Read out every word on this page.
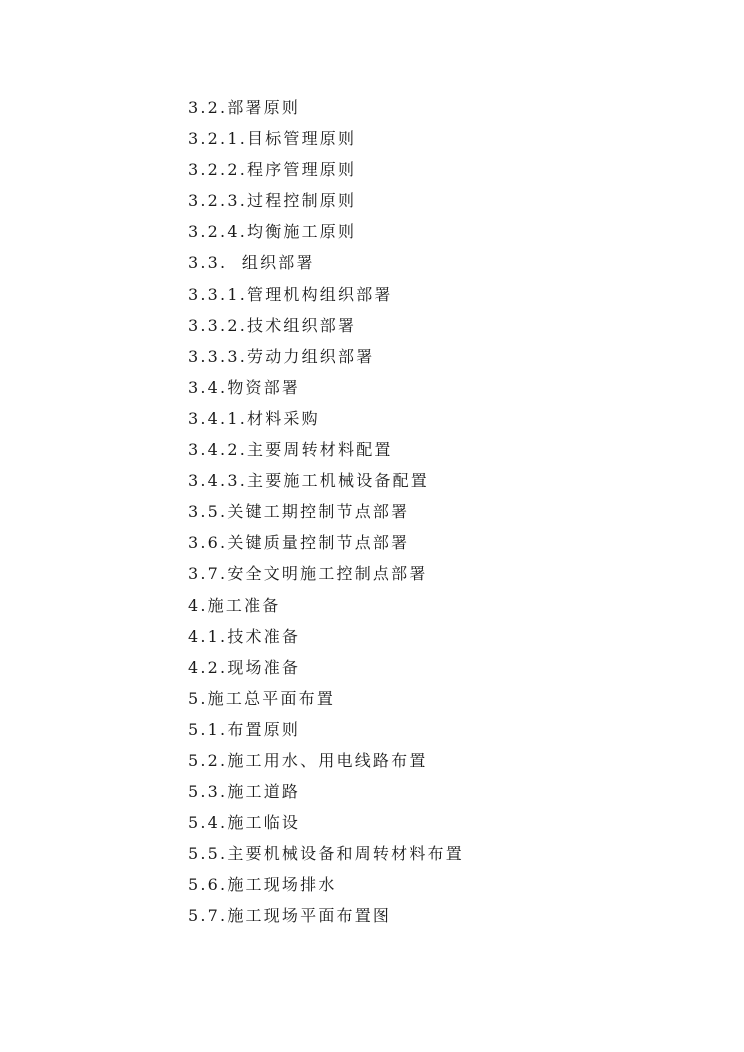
3.2.部署原则
3.2.1.目标管理原则
3.2.2.程序管理原则
3.2.3.过程控制原则
3.2.4.均衡施工原则
3.3.  组织部署
3.3.1.管理机构组织部署
3.3.2.技术组织部署
3.3.3.劳动力组织部署
3.4.物资部署
3.4.1.材料采购
3.4.2.主要周转材料配置
3.4.3.主要施工机械设备配置
3.5.关键工期控制节点部署
3.6.关键质量控制节点部署
3.7.安全文明施工控制点部署
4.施工准备
4.1.技术准备
4.2.现场准备
5.施工总平面布置
5.1.布置原则
5.2.施工用水、用电线路布置
5.3.施工道路
5.4.施工临设
5.5.主要机械设备和周转材料布置
5.6.施工现场排水
5.7.施工现场平面布置图
